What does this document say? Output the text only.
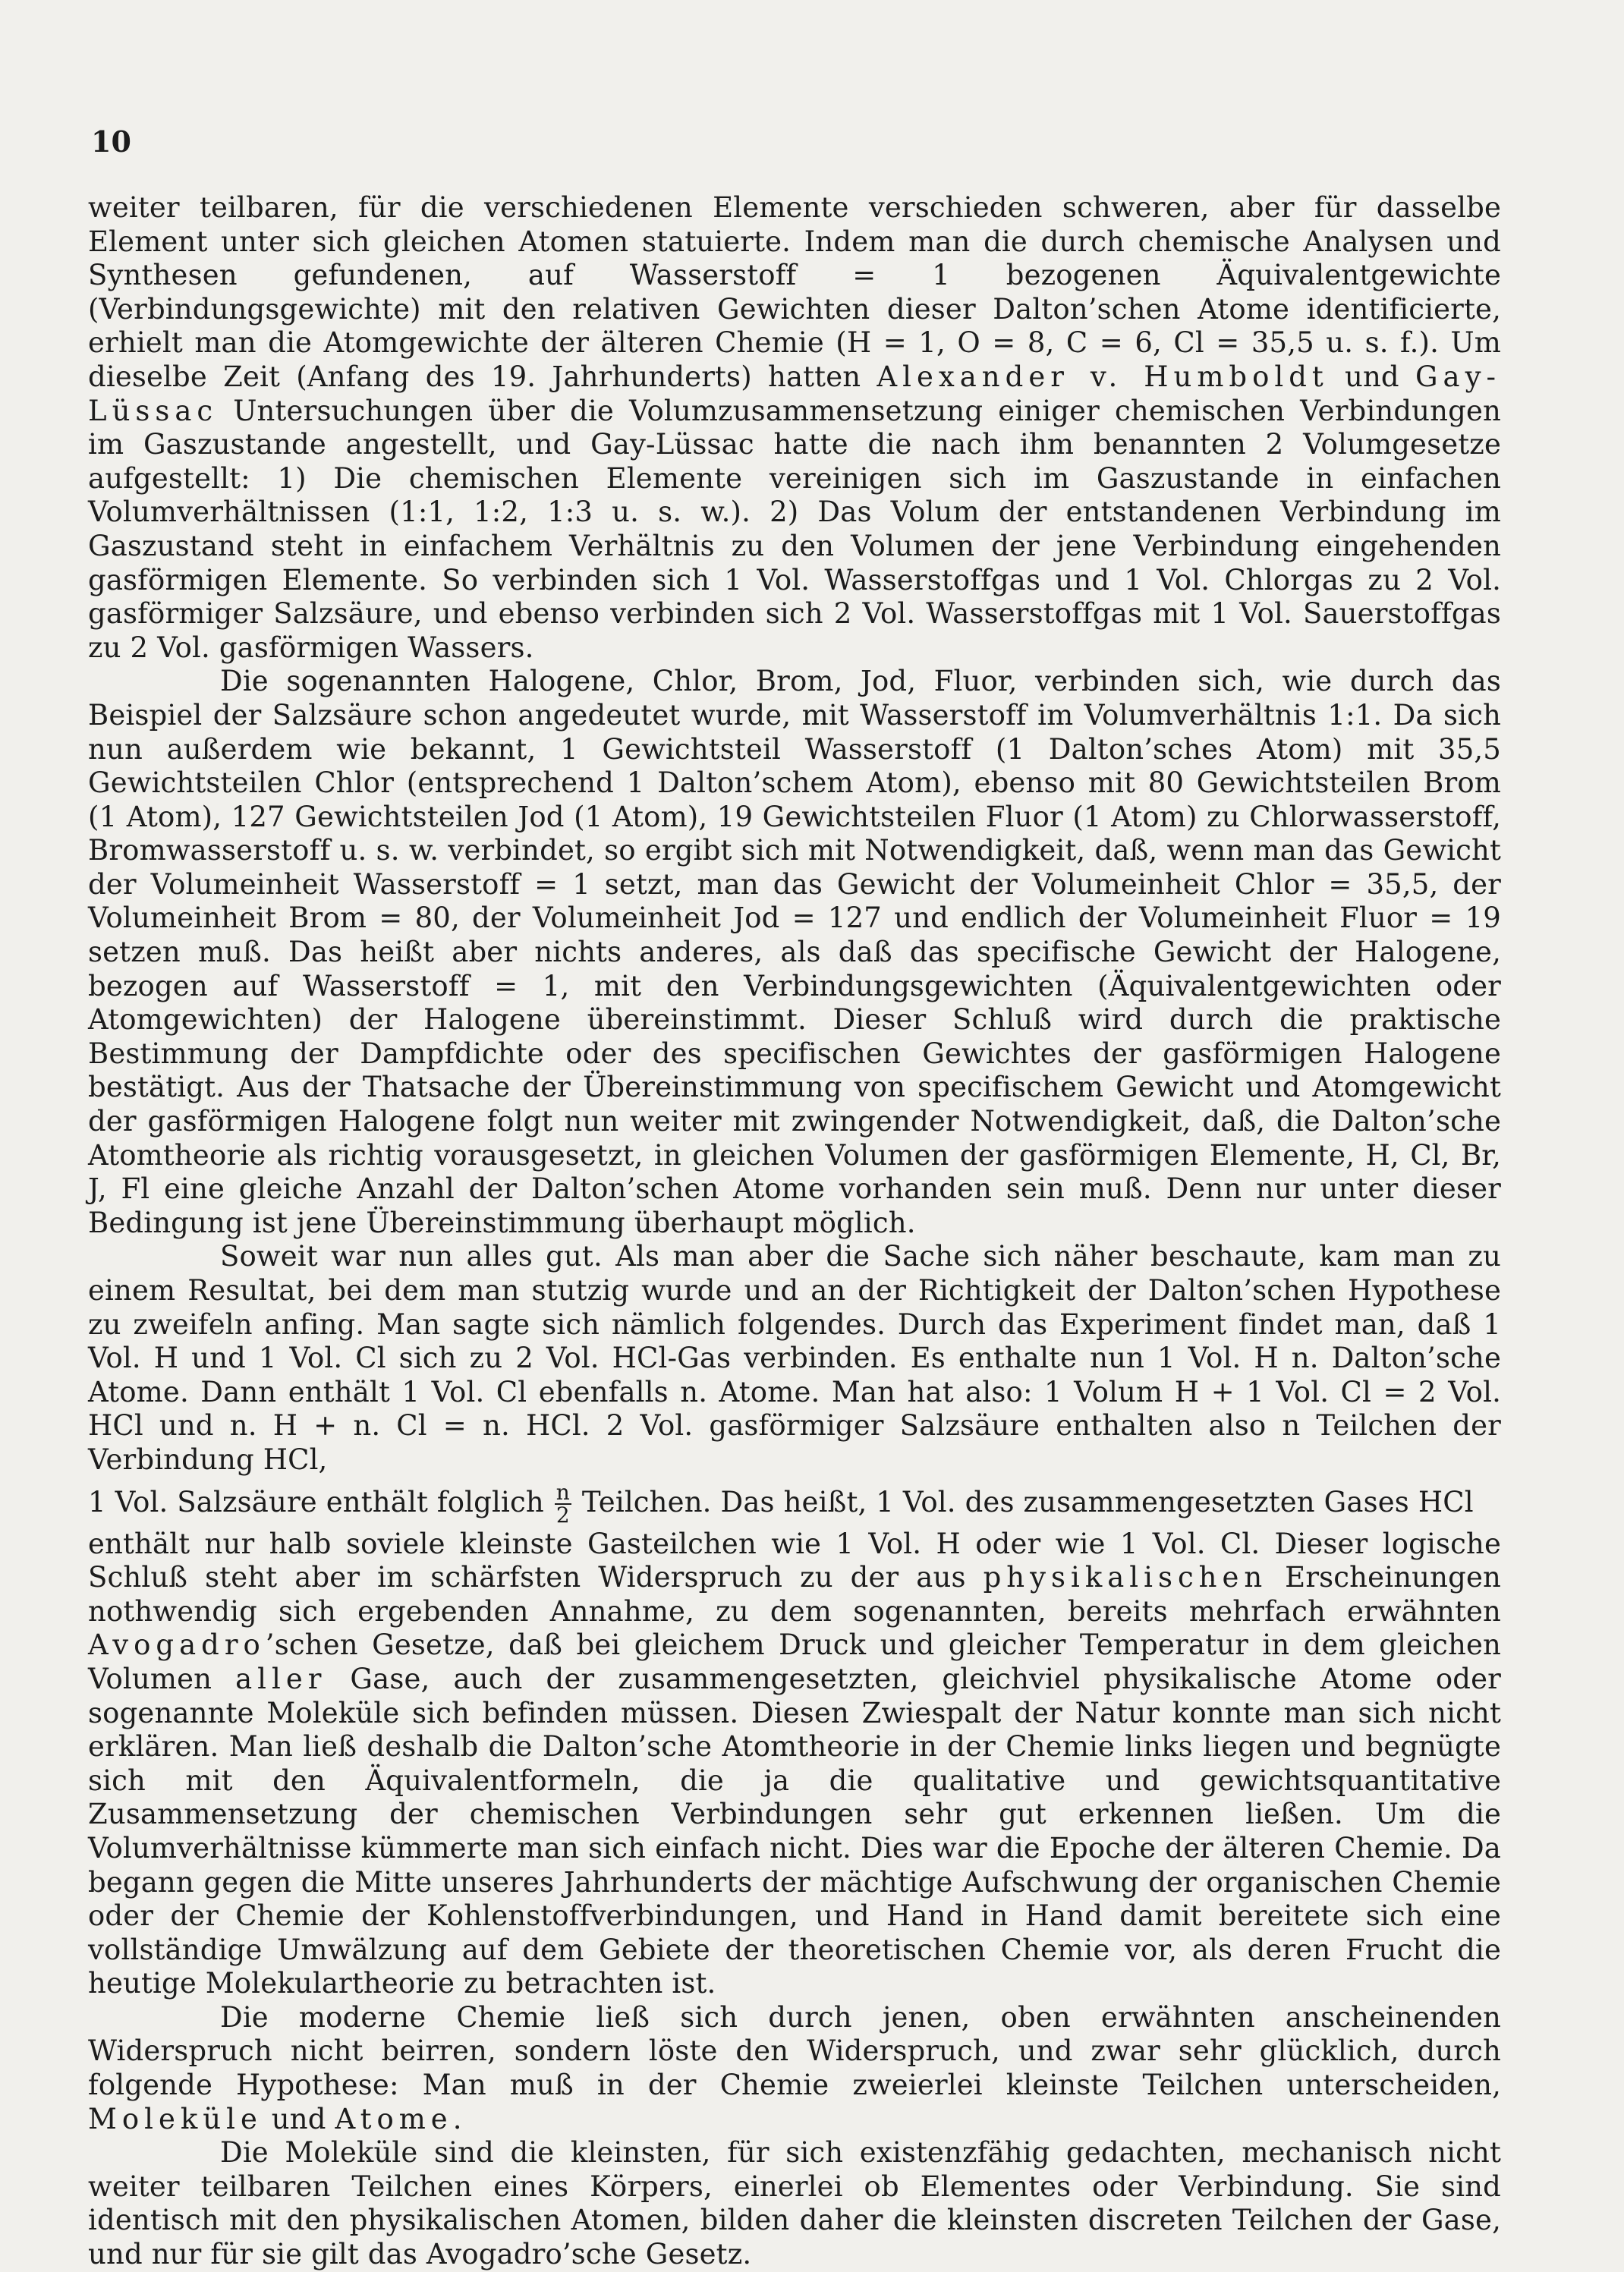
10

weiter teilbaren, für die verschiedenen Elemente verschieden schweren, aber für dasselbe Element unter sich gleichen Atomen statuierte. Indem man die durch chemische Analysen und Synthesen gefundenen, auf Wasserstoff = 1 bezogenen Äquivalentgewichte (Verbindungsgewichte) mit den relativen Gewichten dieser Dalton’schen Atome identificierte, erhielt man die Atomgewichte der älteren Chemie (H = 1, O = 8, C = 6, Cl = 35,5 u. s. f.). Um dieselbe Zeit (Anfang des 19. Jahrhunderts) hatten Alexander v. Humboldt und Gay-Lüssac Untersuchungen über die Volumzusammensetzung einiger chemischen Verbindungen im Gaszustande angestellt, und Gay-Lüssac hatte die nach ihm benannten 2 Volumgesetze aufgestellt: 1) Die chemischen Elemente vereinigen sich im Gaszustande in einfachen Volumverhältnissen (1:1, 1:2, 1:3 u. s. w.). 2) Das Volum der entstandenen Verbindung im Gaszustand steht in einfachem Verhältnis zu den Volumen der jene Verbindung eingehenden gasförmigen Elemente. So verbinden sich 1 Vol. Wasserstoffgas und 1 Vol. Chlorgas zu 2 Vol. gasförmiger Salzsäure, und ebenso verbinden sich 2 Vol. Wasserstoffgas mit 1 Vol. Sauerstoffgas zu 2 Vol. gasförmigen Wassers.

Die sogenannten Halogene, Chlor, Brom, Jod, Fluor, verbinden sich, wie durch das Beispiel der Salzsäure schon angedeutet wurde, mit Wasserstoff im Volumverhältnis 1:1. Da sich nun außerdem wie bekannt, 1 Gewichtsteil Wasserstoff (1 Dalton’sches Atom) mit 35,5 Gewichtsteilen Chlor (entsprechend 1 Dalton’schem Atom), ebenso mit 80 Gewichtsteilen Brom (1 Atom), 127 Gewichtsteilen Jod (1 Atom), 19 Gewichtsteilen Fluor (1 Atom) zu Chlorwasserstoff, Bromwasserstoff u. s. w. verbindet, so ergibt sich mit Notwendigkeit, daß, wenn man das Gewicht der Volumeinheit Wasserstoff = 1 setzt, man das Gewicht der Volumeinheit Chlor = 35,5, der Volumeinheit Brom = 80, der Volumeinheit Jod = 127 und endlich der Volumeinheit Fluor = 19 setzen muß. Das heißt aber nichts anderes, als daß das specifische Gewicht der Halogene, bezogen auf Wasserstoff = 1, mit den Verbindungsgewichten (Äquivalentgewichten oder Atomgewichten) der Halogene übereinstimmt. Dieser Schluß wird durch die praktische Bestimmung der Dampfdichte oder des specifischen Gewichtes der gasförmigen Halogene bestätigt. Aus der Thatsache der Übereinstimmung von specifischem Gewicht und Atomgewicht der gasförmigen Halogene folgt nun weiter mit zwingender Notwendigkeit, daß, die Dalton’sche Atomtheorie als richtig vorausgesetzt, in gleichen Volumen der gasförmigen Elemente, H, Cl, Br, J, Fl eine gleiche Anzahl der Dalton’schen Atome vorhanden sein muß. Denn nur unter dieser Bedingung ist jene Übereinstimmung überhaupt möglich.

Soweit war nun alles gut. Als man aber die Sache sich näher beschaute, kam man zu einem Resultat, bei dem man stutzig wurde und an der Richtigkeit der Dalton’schen Hypothese zu zweifeln anfing. Man sagte sich nämlich folgendes. Durch das Experiment findet man, daß 1 Vol. H und 1 Vol. Cl sich zu 2 Vol. HCl-Gas verbinden. Es enthalte nun 1 Vol. H n. Dalton’sche Atome. Dann enthält 1 Vol. Cl ebenfalls n. Atome. Man hat also: 1 Volum H + 1 Vol. Cl = 2 Vol. HCl und n. H + n. Cl = n. HCl. 2 Vol. gasförmiger Salzsäure enthalten also n Teilchen der Verbindung HCl,

1 Vol. Salzsäure enthält folglich $\frac{n}{2}$ Teilchen. Das heißt, 1 Vol. des zusammengesetzten Gases HCl

enthält nur halb soviele kleinste Gasteilchen wie 1 Vol. H oder wie 1 Vol. Cl. Dieser logische Schluß steht aber im schärfsten Widerspruch zu der aus physikalischen Erscheinungen nothwendig sich ergebenden Annahme, zu dem sogenannten, bereits mehrfach erwähnten Avogadro’schen Gesetze, daß bei gleichem Druck und gleicher Temperatur in dem gleichen Volumen aller Gase, auch der zusammengesetzten, gleichviel physikalische Atome oder sogenannte Moleküle sich befinden müssen. Diesen Zwiespalt der Natur konnte man sich nicht erklären. Man ließ deshalb die Dalton’sche Atomtheorie in der Chemie links liegen und begnügte sich mit den Äquivalentformeln, die ja die qualitative und gewichtsquantitative Zusammensetzung der chemischen Verbindungen sehr gut erkennen ließen. Um die Volumverhältnisse kümmerte man sich einfach nicht. Dies war die Epoche der älteren Chemie. Da begann gegen die Mitte unseres Jahrhunderts der mächtige Aufschwung der organischen Chemie oder der Chemie der Kohlenstoffverbindungen, und Hand in Hand damit bereitete sich eine vollständige Umwälzung auf dem Gebiete der theoretischen Chemie vor, als deren Frucht die heutige Molekulartheorie zu betrachten ist.

Die moderne Chemie ließ sich durch jenen, oben erwähnten anscheinenden Widerspruch nicht beirren, sondern löste den Widerspruch, und zwar sehr glücklich, durch folgende Hypothese: Man muß in der Chemie zweierlei kleinste Teilchen unterscheiden, Moleküle und Atome.

Die Moleküle sind die kleinsten, für sich existenzfähig gedachten, mechanisch nicht weiter teilbaren Teilchen eines Körpers, einerlei ob Elementes oder Verbindung. Sie sind identisch mit den physikalischen Atomen, bilden daher die kleinsten discreten Teilchen der Gase, und nur für sie gilt das Avogadro’sche Gesetz.
